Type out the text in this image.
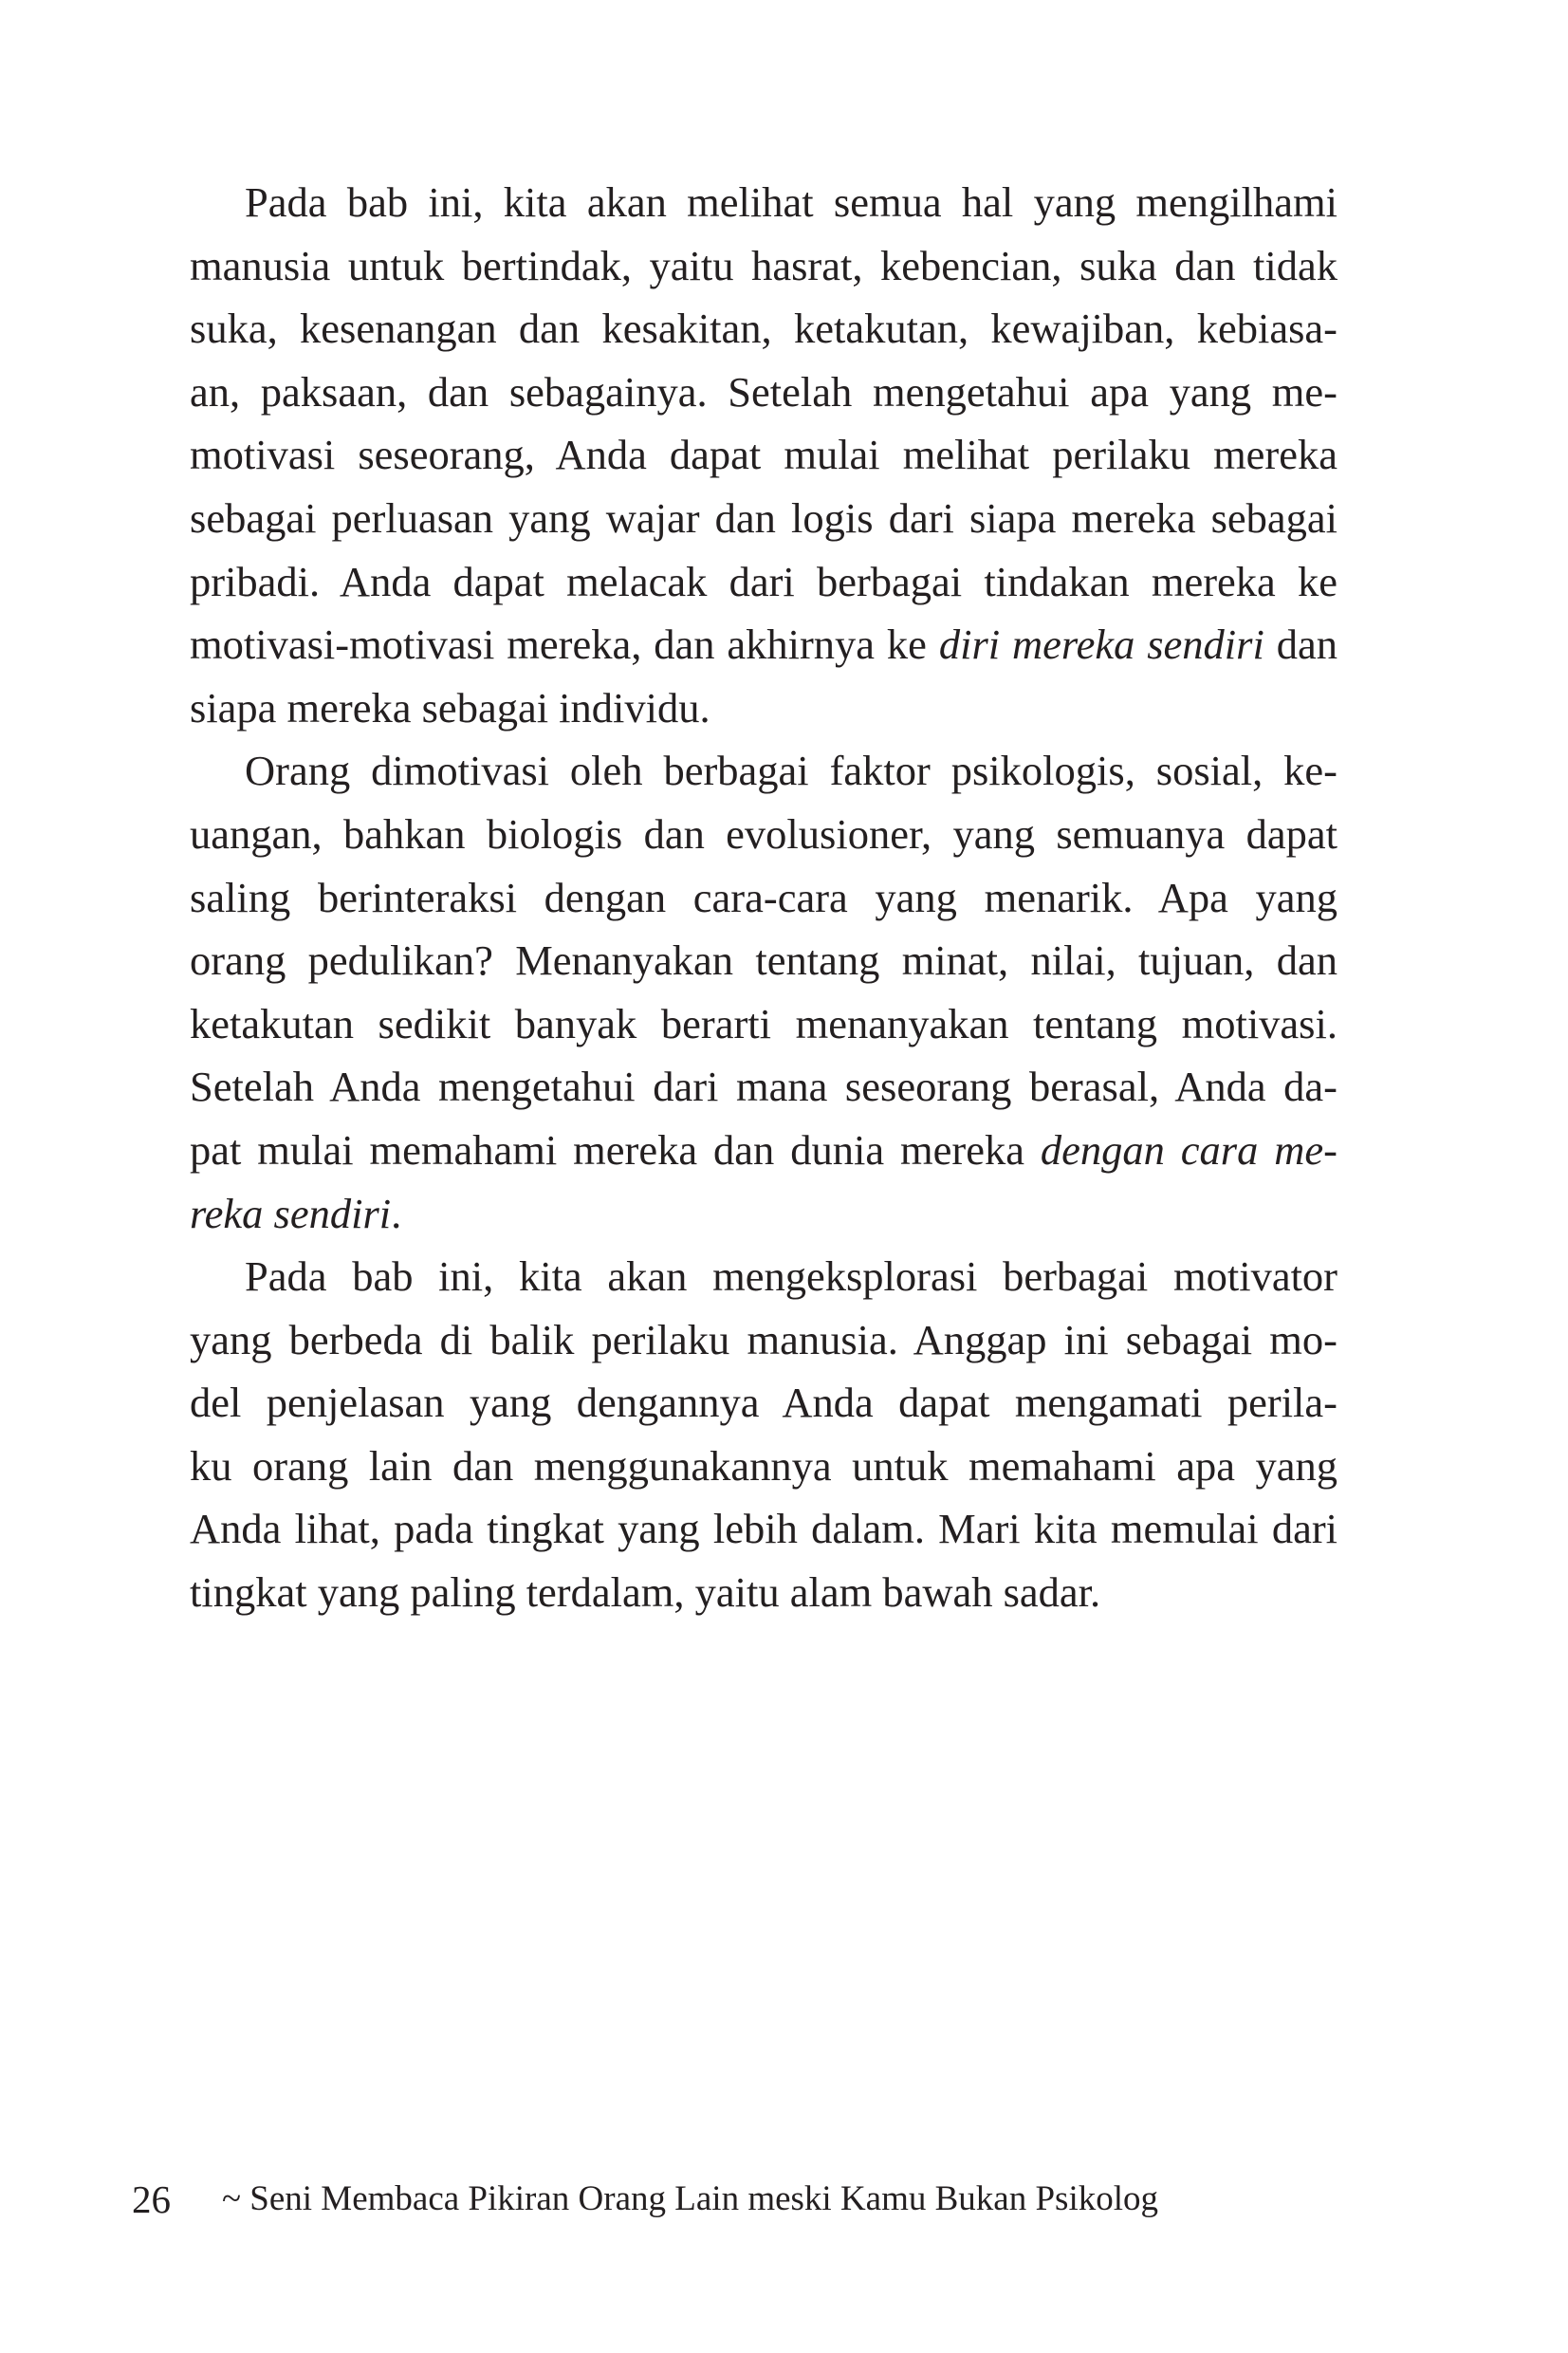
Pada bab ini, kita akan melihat semua hal yang mengilhami
manusia untuk bertindak, yaitu hasrat, kebencian, suka dan tidak
suka, kesenangan dan kesakitan, ketakutan, kewajiban, kebiasa-
an, paksaan, dan sebagainya. Setelah mengetahui apa yang me-
motivasi seseorang, Anda dapat mulai melihat perilaku mereka
sebagai perluasan yang wajar dan logis dari siapa mereka sebagai
pribadi. Anda dapat melacak dari berbagai tindakan mereka ke
motivasi-motivasi mereka, dan akhirnya ke diri mereka sendiri dan
siapa mereka sebagai individu.

Orang dimotivasi oleh berbagai faktor psikologis, sosial, ke-
uangan, bahkan biologis dan evolusioner, yang semuanya dapat
saling berinteraksi dengan cara-cara yang menarik. Apa yang
orang pedulikan? Menanyakan tentang minat, nilai, tujuan, dan
ketakutan sedikit banyak berarti menanyakan tentang motivasi.
Setelah Anda mengetahui dari mana seseorang berasal, Anda da-
pat mulai memahami mereka dan dunia mereka dengan cara me-
reka sendiri.

Pada bab ini, kita akan mengeksplorasi berbagai motivator
yang berbeda di balik perilaku manusia. Anggap ini sebagai mo-
del penjelasan yang dengannya Anda dapat mengamati perila-
ku orang lain dan menggunakannya untuk memahami apa yang
Anda lihat, pada tingkat yang lebih dalam. Mari kita memulai dari
tingkat yang paling terdalam, yaitu alam bawah sadar.

26 ~ Seni Membaca Pikiran Orang Lain meski Kamu Bukan Psikolog
